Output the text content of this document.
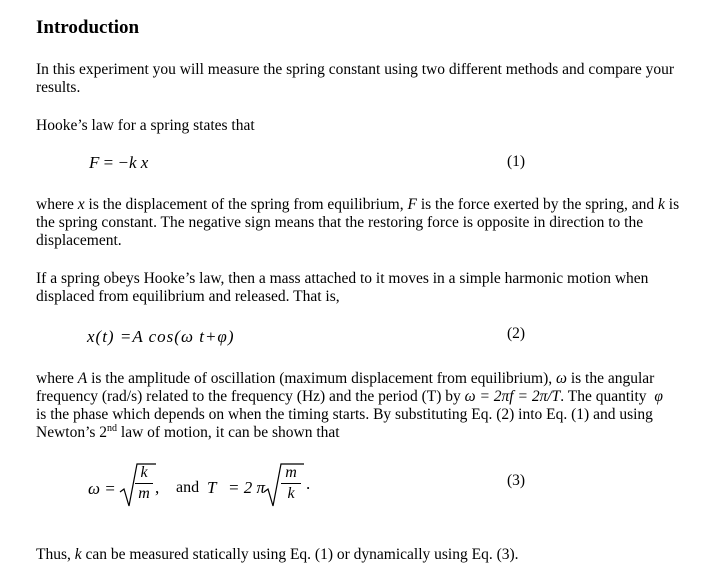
Introduction
In this experiment you will measure the spring constant using two different methods and compare your
results.
Hooke’s law for a spring states that
F = −k x	(1)
where x is the displacement of the spring from equilibrium, F is the force exerted by the spring, and k is
the spring constant. The negative sign means that the restoring force is opposite in direction to the
displacement.
If a spring obeys Hooke’s law, then a mass attached to it moves in a simple harmonic motion when
displaced from equilibrium and released. That is,
x(t) =A cos(ω t+φ)	(2)
where A is the amplitude of oscillation (maximum displacement from equilibrium), ω is the angular
frequency (rad/s) related to the frequency (Hz) and the period (T) by ω = 2πf = 2π/T. The quantity φ
is the phase which depends on when the timing starts. By substituting Eq. (2) into Eq. (1) and using
Newton’s 2nd law of motion, it can be shown that
ω =
k
m , and T = 2 π
m
k
.	(3)
Thus, k can be measured statically using Eq. (1) or dynamically using Eq. (3).
